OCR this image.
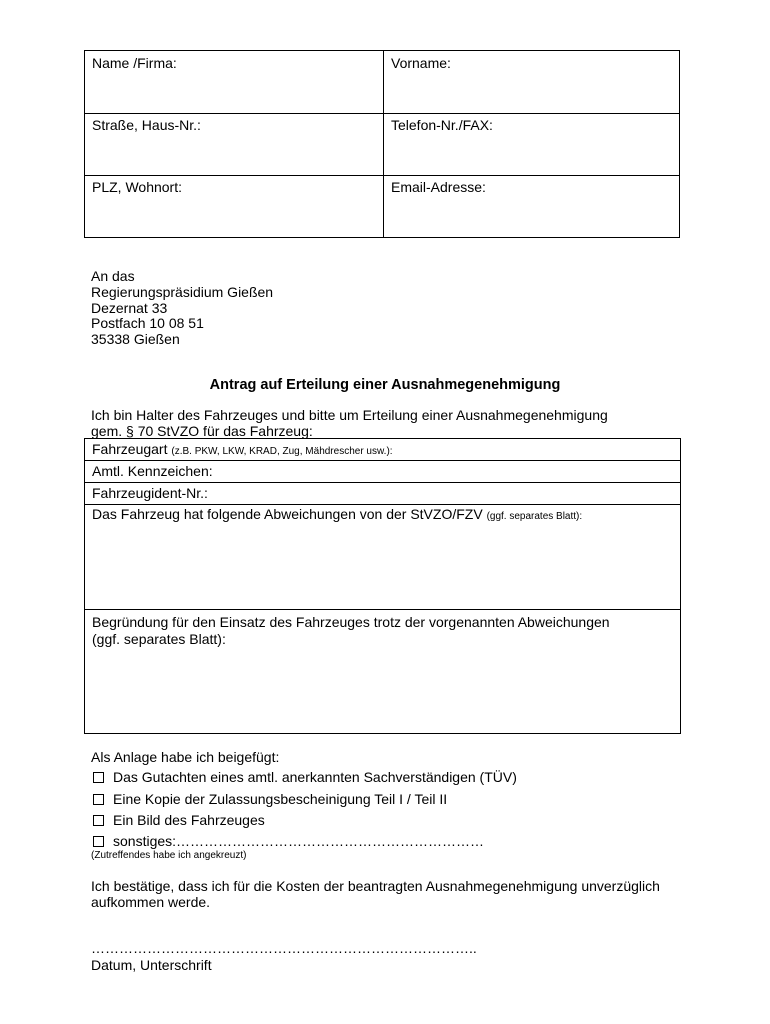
Name /Firma:	Vorname:
Straße, Haus-Nr.:	Telefon-Nr./FAX:
PLZ, Wohnort:	Email-Adresse:
An das
Regierungspräsidium Gießen
Dezernat 33
Postfach 10 08 51
35338 Gießen
Antrag auf Erteilung einer Ausnahmegenehmigung
Ich bin Halter des Fahrzeuges und bitte um Erteilung einer Ausnahmegenehmigung
gem. § 70 StVZO für das Fahrzeug:
Fahrzeugart (z.B. PKW, LKW, KRAD, Zug, Mähdrescher usw.):
Amtl. Kennzeichen:
Fahrzeugident-Nr.:
Das Fahrzeug hat folgende Abweichungen von der StVZO/FZV (ggf. separates Blatt):
Begründung für den Einsatz des Fahrzeuges trotz der vorgenannten Abweichungen
(ggf. separates Blatt):
Als Anlage habe ich beigefügt:
Das Gutachten eines amtl. anerkannten Sachverständigen (TÜV)
Eine Kopie der Zulassungsbescheinigung Teil I / Teil II
Ein Bild des Fahrzeuges
sonstiges:…………………………………………………………
(Zutreffendes habe ich angekreuzt)
Ich bestätige, dass ich für die Kosten der beantragten Ausnahmegenehmigung unverzüglich aufkommen werde.
………………………………………………………………………..
Datum, Unterschrift
